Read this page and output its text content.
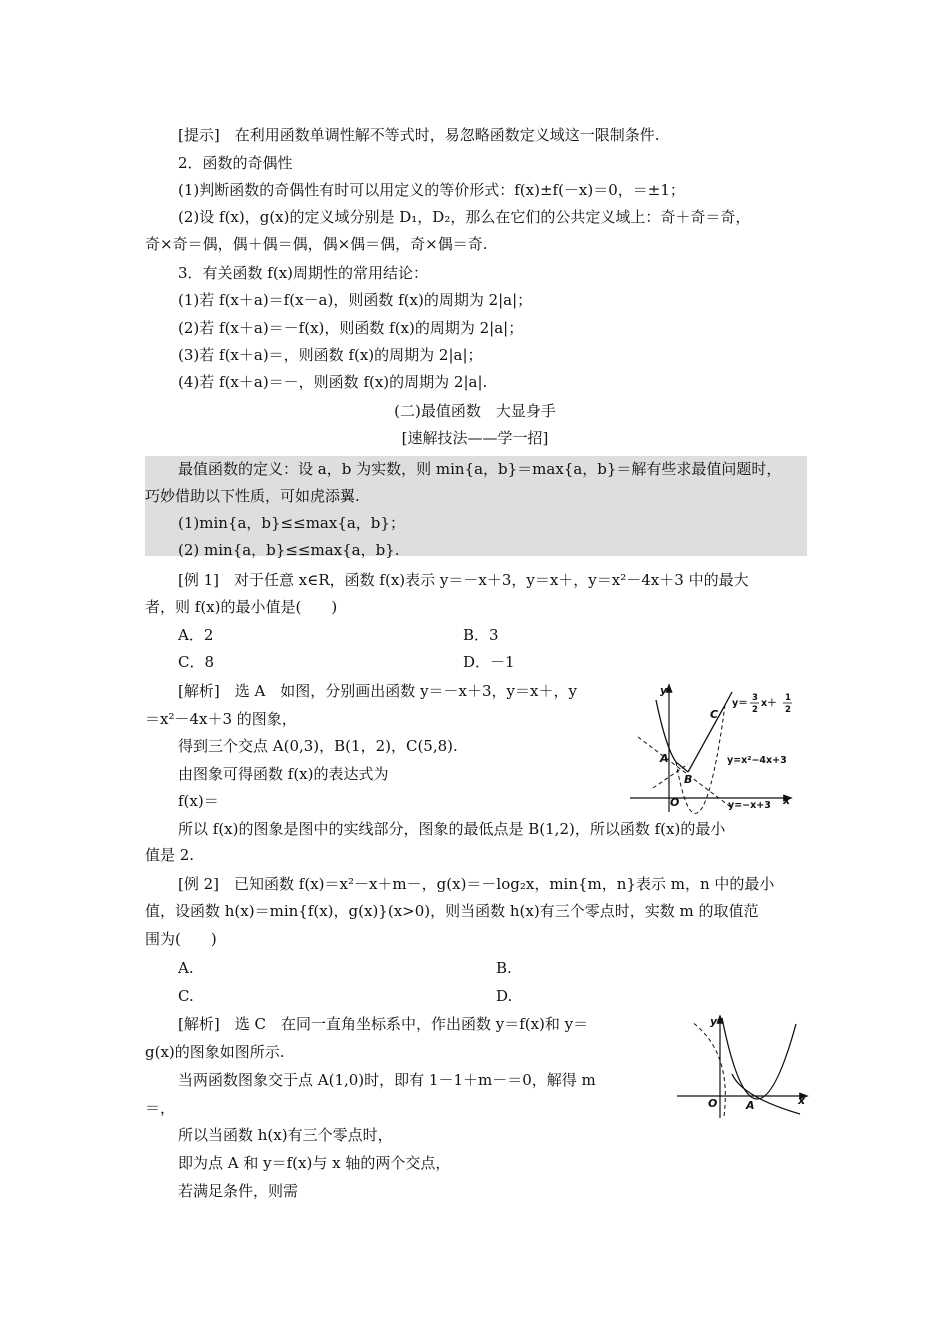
[提示]　在利用函数单调性解不等式时，易忽略函数定义域这一限制条件.
2．函数的奇偶性
(1)判断函数的奇偶性有时可以用定义的等价形式：f(x)±f(－x)＝0，＝±1；
(2)设 f(x)，g(x)的定义域分别是 D₁，D₂，那么在它们的公共定义域上：奇＋奇＝奇，
奇×奇＝偶，偶＋偶＝偶，偶×偶＝偶，奇×偶＝奇.
3．有关函数 f(x)周期性的常用结论：
(1)若 f(x＋a)＝f(x－a)，则函数 f(x)的周期为 2|a|；
(2)若 f(x＋a)＝－f(x)，则函数 f(x)的周期为 2|a|；
(3)若 f(x＋a)＝，则函数 f(x)的周期为 2|a|；
(4)若 f(x＋a)＝－，则函数 f(x)的周期为 2|a|.
(二)最值函数　大显身手
[速解技法——学一招]
最值函数的定义：设 a，b 为实数，则 min{a，b}＝max{a，b}＝解有些求最值问题时，
巧妙借助以下性质，可如虎添翼.
(1)min{a，b}≤≤max{a，b}；
(2) min{a，b}≤≤max{a，b}.
[例 1]　对于任意 x∈R，函数 f(x)表示 y＝－x＋3，y＝x＋，y＝x²－4x＋3 中的最大
者，则 f(x)的最小值是(　　)
A．2	B．3
C．8	D．－1
[解析]　选 A　如图，分别画出函数 y＝－x＋3，y＝x＋，y
＝x²－4x＋3 的图象，
得到三个交点 A(0,3)，B(1，2)，C(5,8).
由图象可得函数 f(x)的表达式为
f(x)＝
所以 f(x)的图象是图中的实线部分，图象的最低点是 B(1,2)，所以函数 f(x)的最小
值是 2.
y
x
O
A
B
C
y＝ 3
2
x＋ 1
2
y=x²−4x+3
y=−x+3
[例 2]　已知函数 f(x)＝x²－x＋m－，g(x)＝－log₂x，min{m，n}表示 m，n 中的最小
值，设函数 h(x)＝min{f(x)，g(x)}(x>0)，则当函数 h(x)有三个零点时，实数 m 的取值范
围为(　　)
A.	B.
C.	D.
[解析]　选 C　在同一直角坐标系中，作出函数 y＝f(x)和 y＝
g(x)的图象如图所示.
当两函数图象交于点 A(1,0)时，即有 1－1＋m－＝0，解得 m
＝，
所以当函数 h(x)有三个零点时，
即为点 A 和 y＝f(x)与 x 轴的两个交点，
若满足条件，则需
y
x
O	A
